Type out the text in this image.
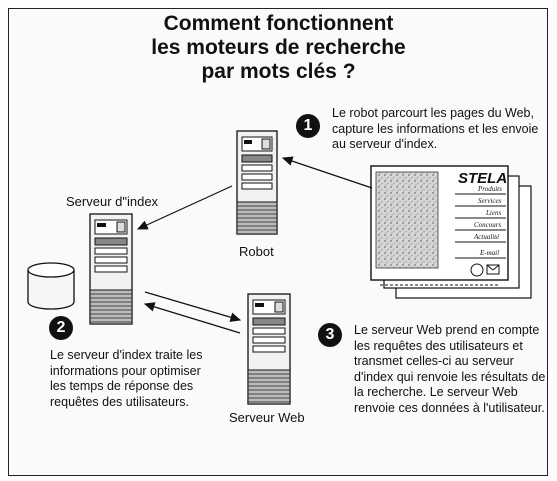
Comment fonctionnent
les moteurs de recherche
par mots clés ?
STELA
Produits
Services
Liens
Concours
Actualité
E-mail
Serveur d"index
Robot
Serveur Web
1

Le robot parcourt les pages du Web, capture les informations et les envoie au serveur d'index.

2

Le serveur d'index traite les informations pour optimiser les temps de réponse des requêtes des utilisateurs.

3	Le serveur Web prend en compte les requêtes des utilisateurs et transmet celles-ci au serveur d'index qui renvoie les résultats de la recherche. Le serveur Web renvoie ces données à l'utilisateur.
